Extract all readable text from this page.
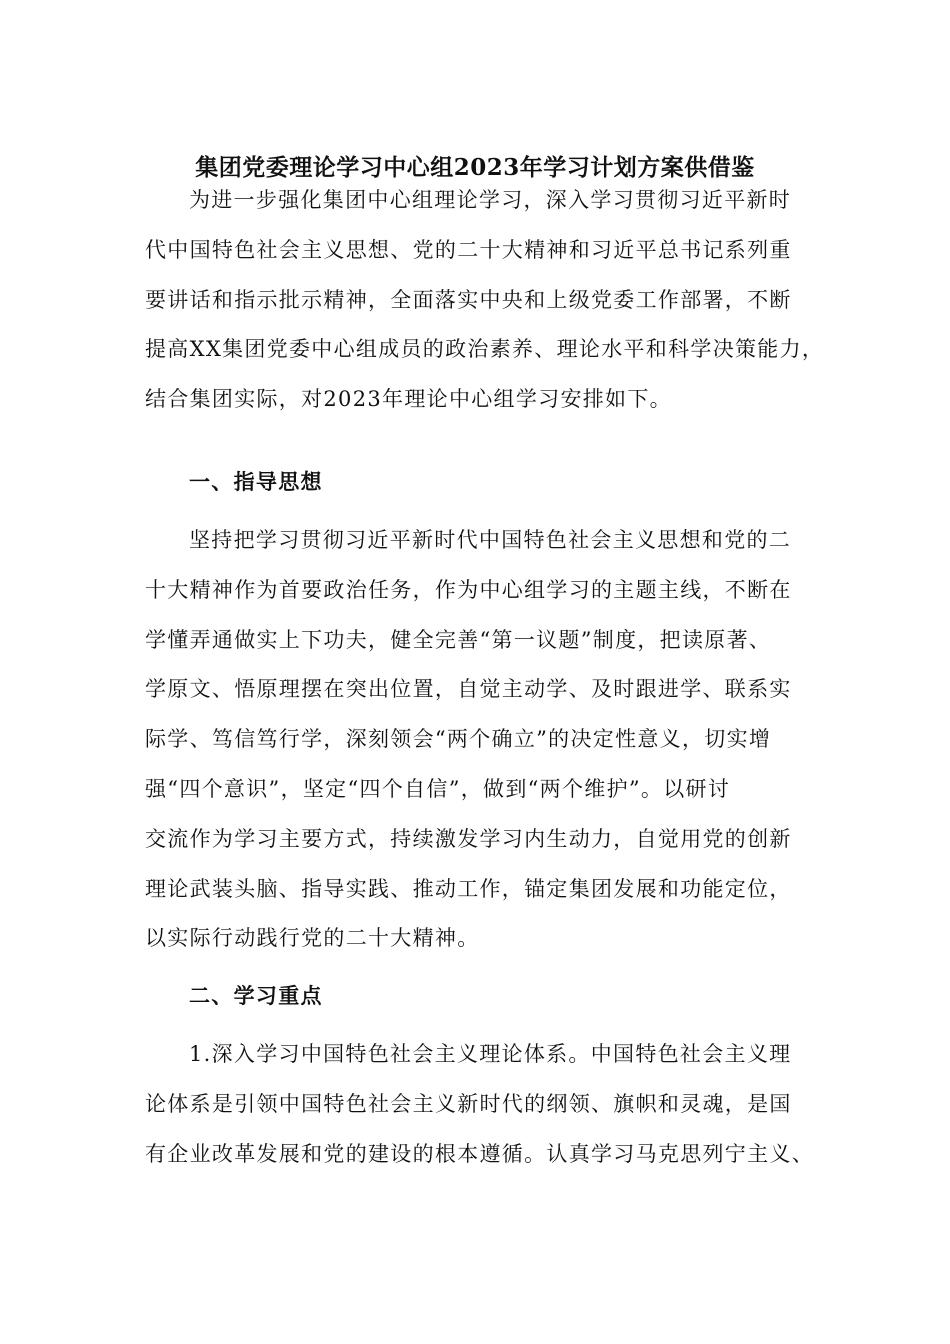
集团党委理论学习中心组2023年学习计划方案供借鉴
为进一步强化集团中心组理论学习，深入学习贯彻习近平新时
代中国特色社会主义思想、党的二十大精神和习近平总书记系列重
要讲话和指示批示精神，全面落实中央和上级党委工作部署，不断
提高XX集团党委中心组成员的政治素养、理论水平和科学决策能力，
结合集团实际，对2023年理论中心组学习安排如下。
一、指导思想
坚持把学习贯彻习近平新时代中国特色社会主义思想和党的二
十大精神作为首要政治任务，作为中心组学习的主题主线，不断在
学懂弄通做实上下功夫，健全完善“第一议题”制度，把读原著、
学原文、悟原理摆在突出位置，自觉主动学、及时跟进学、联系实
际学、笃信笃行学，深刻领会“两个确立”的决定性意义，切实增
强“四个意识”，坚定“四个自信”，做到“两个维护”。以研讨
交流作为学习主要方式，持续激发学习内生动力，自觉用党的创新
理论武装头脑、指导实践、推动工作，锚定集团发展和功能定位，
以实际行动践行党的二十大精神。
二、学习重点
1.深入学习中国特色社会主义理论体系。中国特色社会主义理
论体系是引领中国特色社会主义新时代的纲领、旗帜和灵魂，是国
有企业改革发展和党的建设的根本遵循。认真学习马克思列宁主义、
